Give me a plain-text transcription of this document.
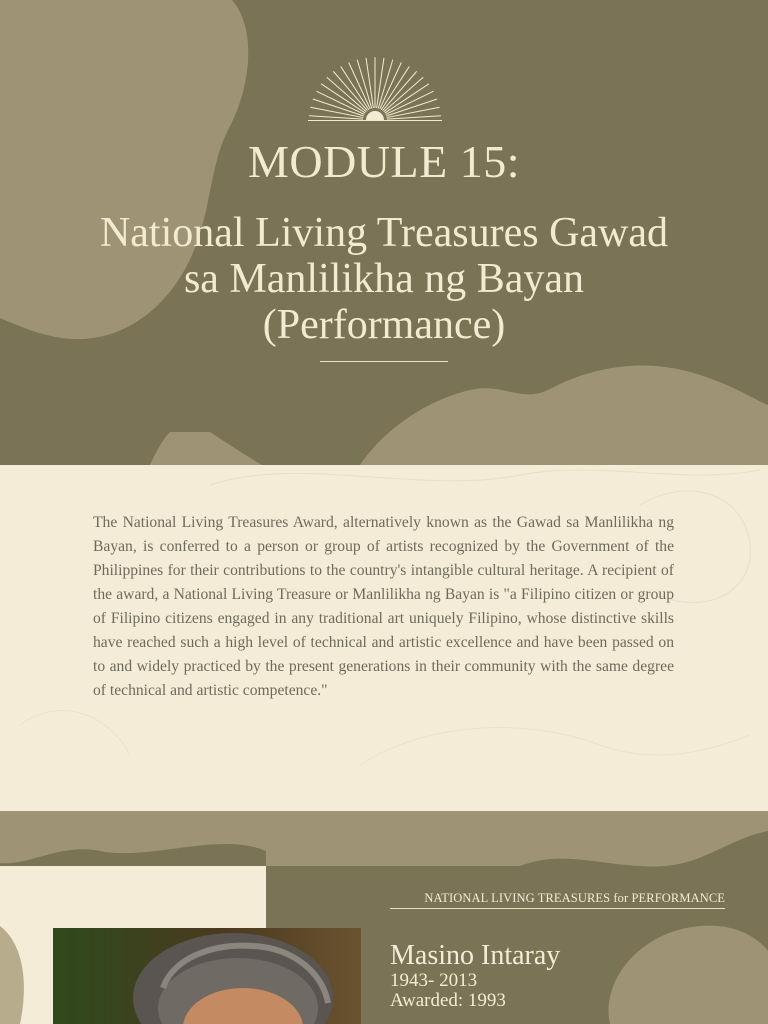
MODULE 15:
National Living Treasures Gawad
sa Manlilikha ng Bayan
(Performance)

The National Living Treasures Award, alternatively known as the Gawad sa Manlilikha ng Bayan, is conferred to a person or group of artists recognized by the Government of the Philippines for their contributions to the country's intangible cultural heritage. A recipient of the award, a National Living Treasure or Manlilikha ng Bayan is "a Filipino citizen or group of Filipino citizens engaged in any traditional art uniquely Filipino, whose distinctive skills have reached such a high level of technical and artistic excellence and have been passed on to and widely practiced by the present generations in their community with the same degree of technical and artistic competence."

NATIONAL LIVING TREASURES for PERFORMANCE
Masino Intaray
1943- 2013
Awarded: 1993
